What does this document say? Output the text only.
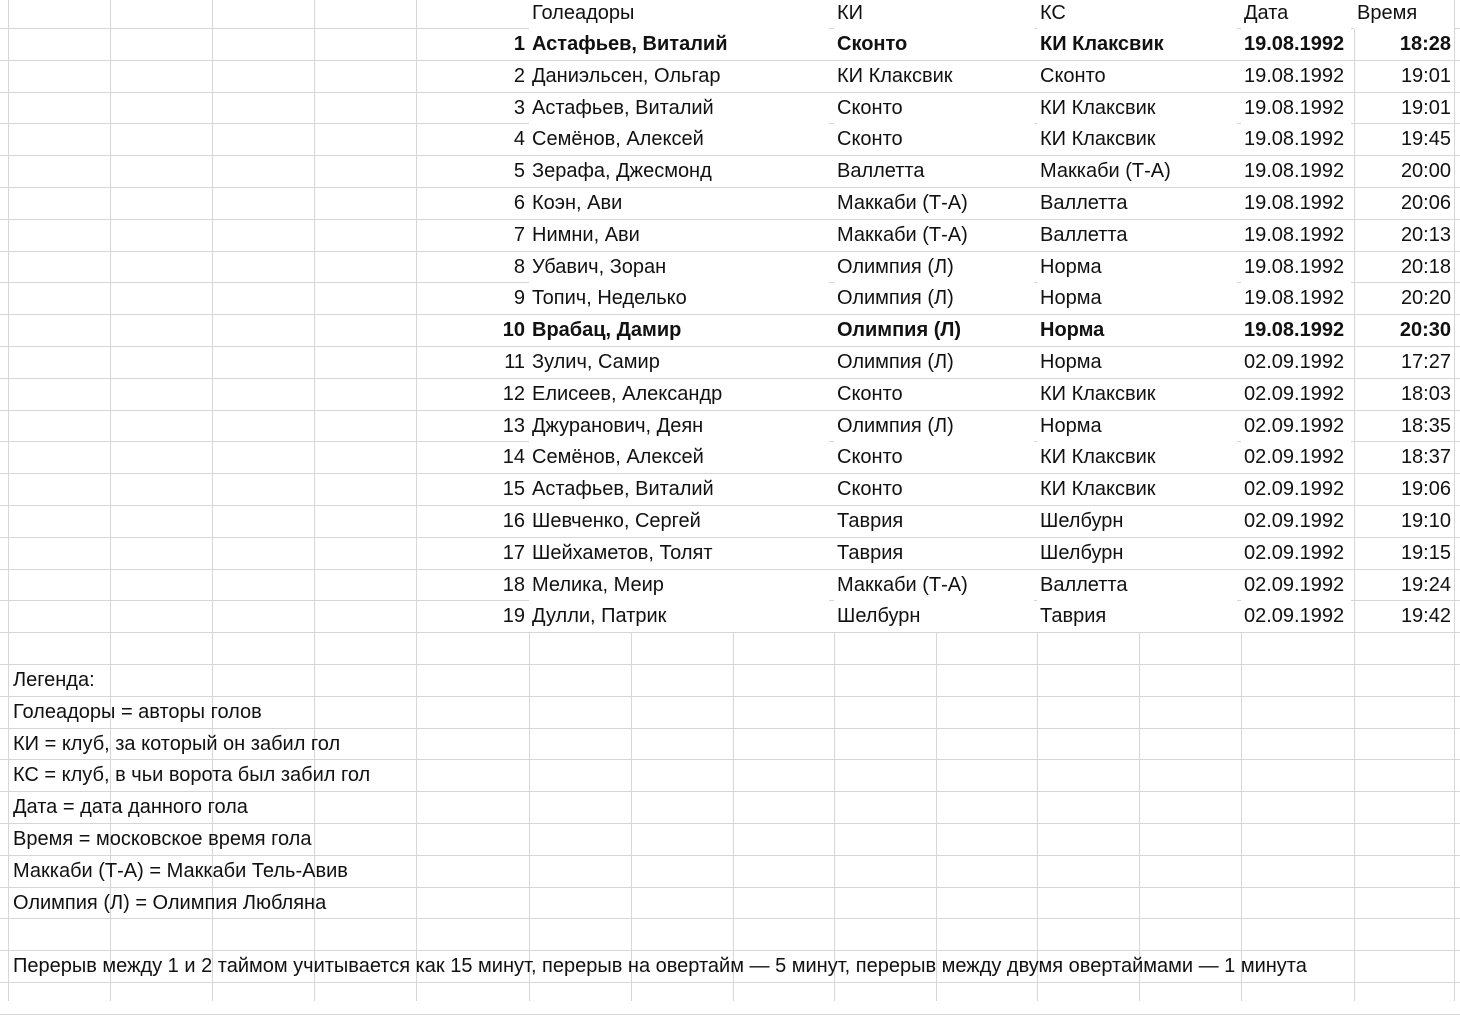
Голеадоры	КИ	КС	Дата	Время
1 Астафьев, Виталий	Сконто	КИ Клаксвик	19.08.1992	18:28
2 Даниэльсен, Ольгар	КИ Клаксвик	Сконто	19.08.1992	19:01
3 Астафьев, Виталий	Сконто	КИ Клаксвик	19.08.1992	19:01
4 Семёнов, Алексей	Сконто	КИ Клаксвик	19.08.1992	19:45
5 Зерафа, Джесмонд	Валлетта	Маккаби (Т-А)	19.08.1992	20:00
6 Коэн, Ави	Маккаби (Т-А)	Валлетта	19.08.1992	20:06
7 Нимни, Ави	Маккаби (Т-А)	Валлетта	19.08.1992	20:13
8 Убавич, Зоран	Олимпия (Л)	Норма	19.08.1992	20:18
9 Топич, Неделько	Олимпия (Л)	Норма	19.08.1992	20:20
10 Врабац, Дамир	Олимпия (Л)	Норма	19.08.1992	20:30
11 Зулич, Самир	Олимпия (Л)	Норма	02.09.1992	17:27
12 Елисеев, Александр	Сконто	КИ Клаксвик	02.09.1992	18:03
13 Джуранович, Деян	Олимпия (Л)	Норма	02.09.1992	18:35
14 Семёнов, Алексей	Сконто	КИ Клаксвик	02.09.1992	18:37
15 Астафьев, Виталий	Сконто	КИ Клаксвик	02.09.1992	19:06
16 Шевченко, Сергей	Таврия	Шелбурн	02.09.1992	19:10
17 Шейхаметов, Толят	Таврия	Шелбурн	02.09.1992	19:15
18 Мелика, Меир	Маккаби (Т-А)	Валлетта	02.09.1992	19:24
19 Дулли, Патрик	Шелбурн	Таврия	02.09.1992	19:42
Легенда:
Голеадоры = авторы голов
КИ = клуб, за который он забил гол
КС = клуб, в чьи ворота был забил гол
Дата = дата данного гола
Время = московское время гола
Маккаби (Т-А) = Маккаби Тель-Авив
Олимпия (Л) = Олимпия Любляна
Перерыв между 1 и 2 таймом учитывается как 15 минут, перерыв на овертайм — 5 минут, перерыв между двумя овертаймами — 1 минута
